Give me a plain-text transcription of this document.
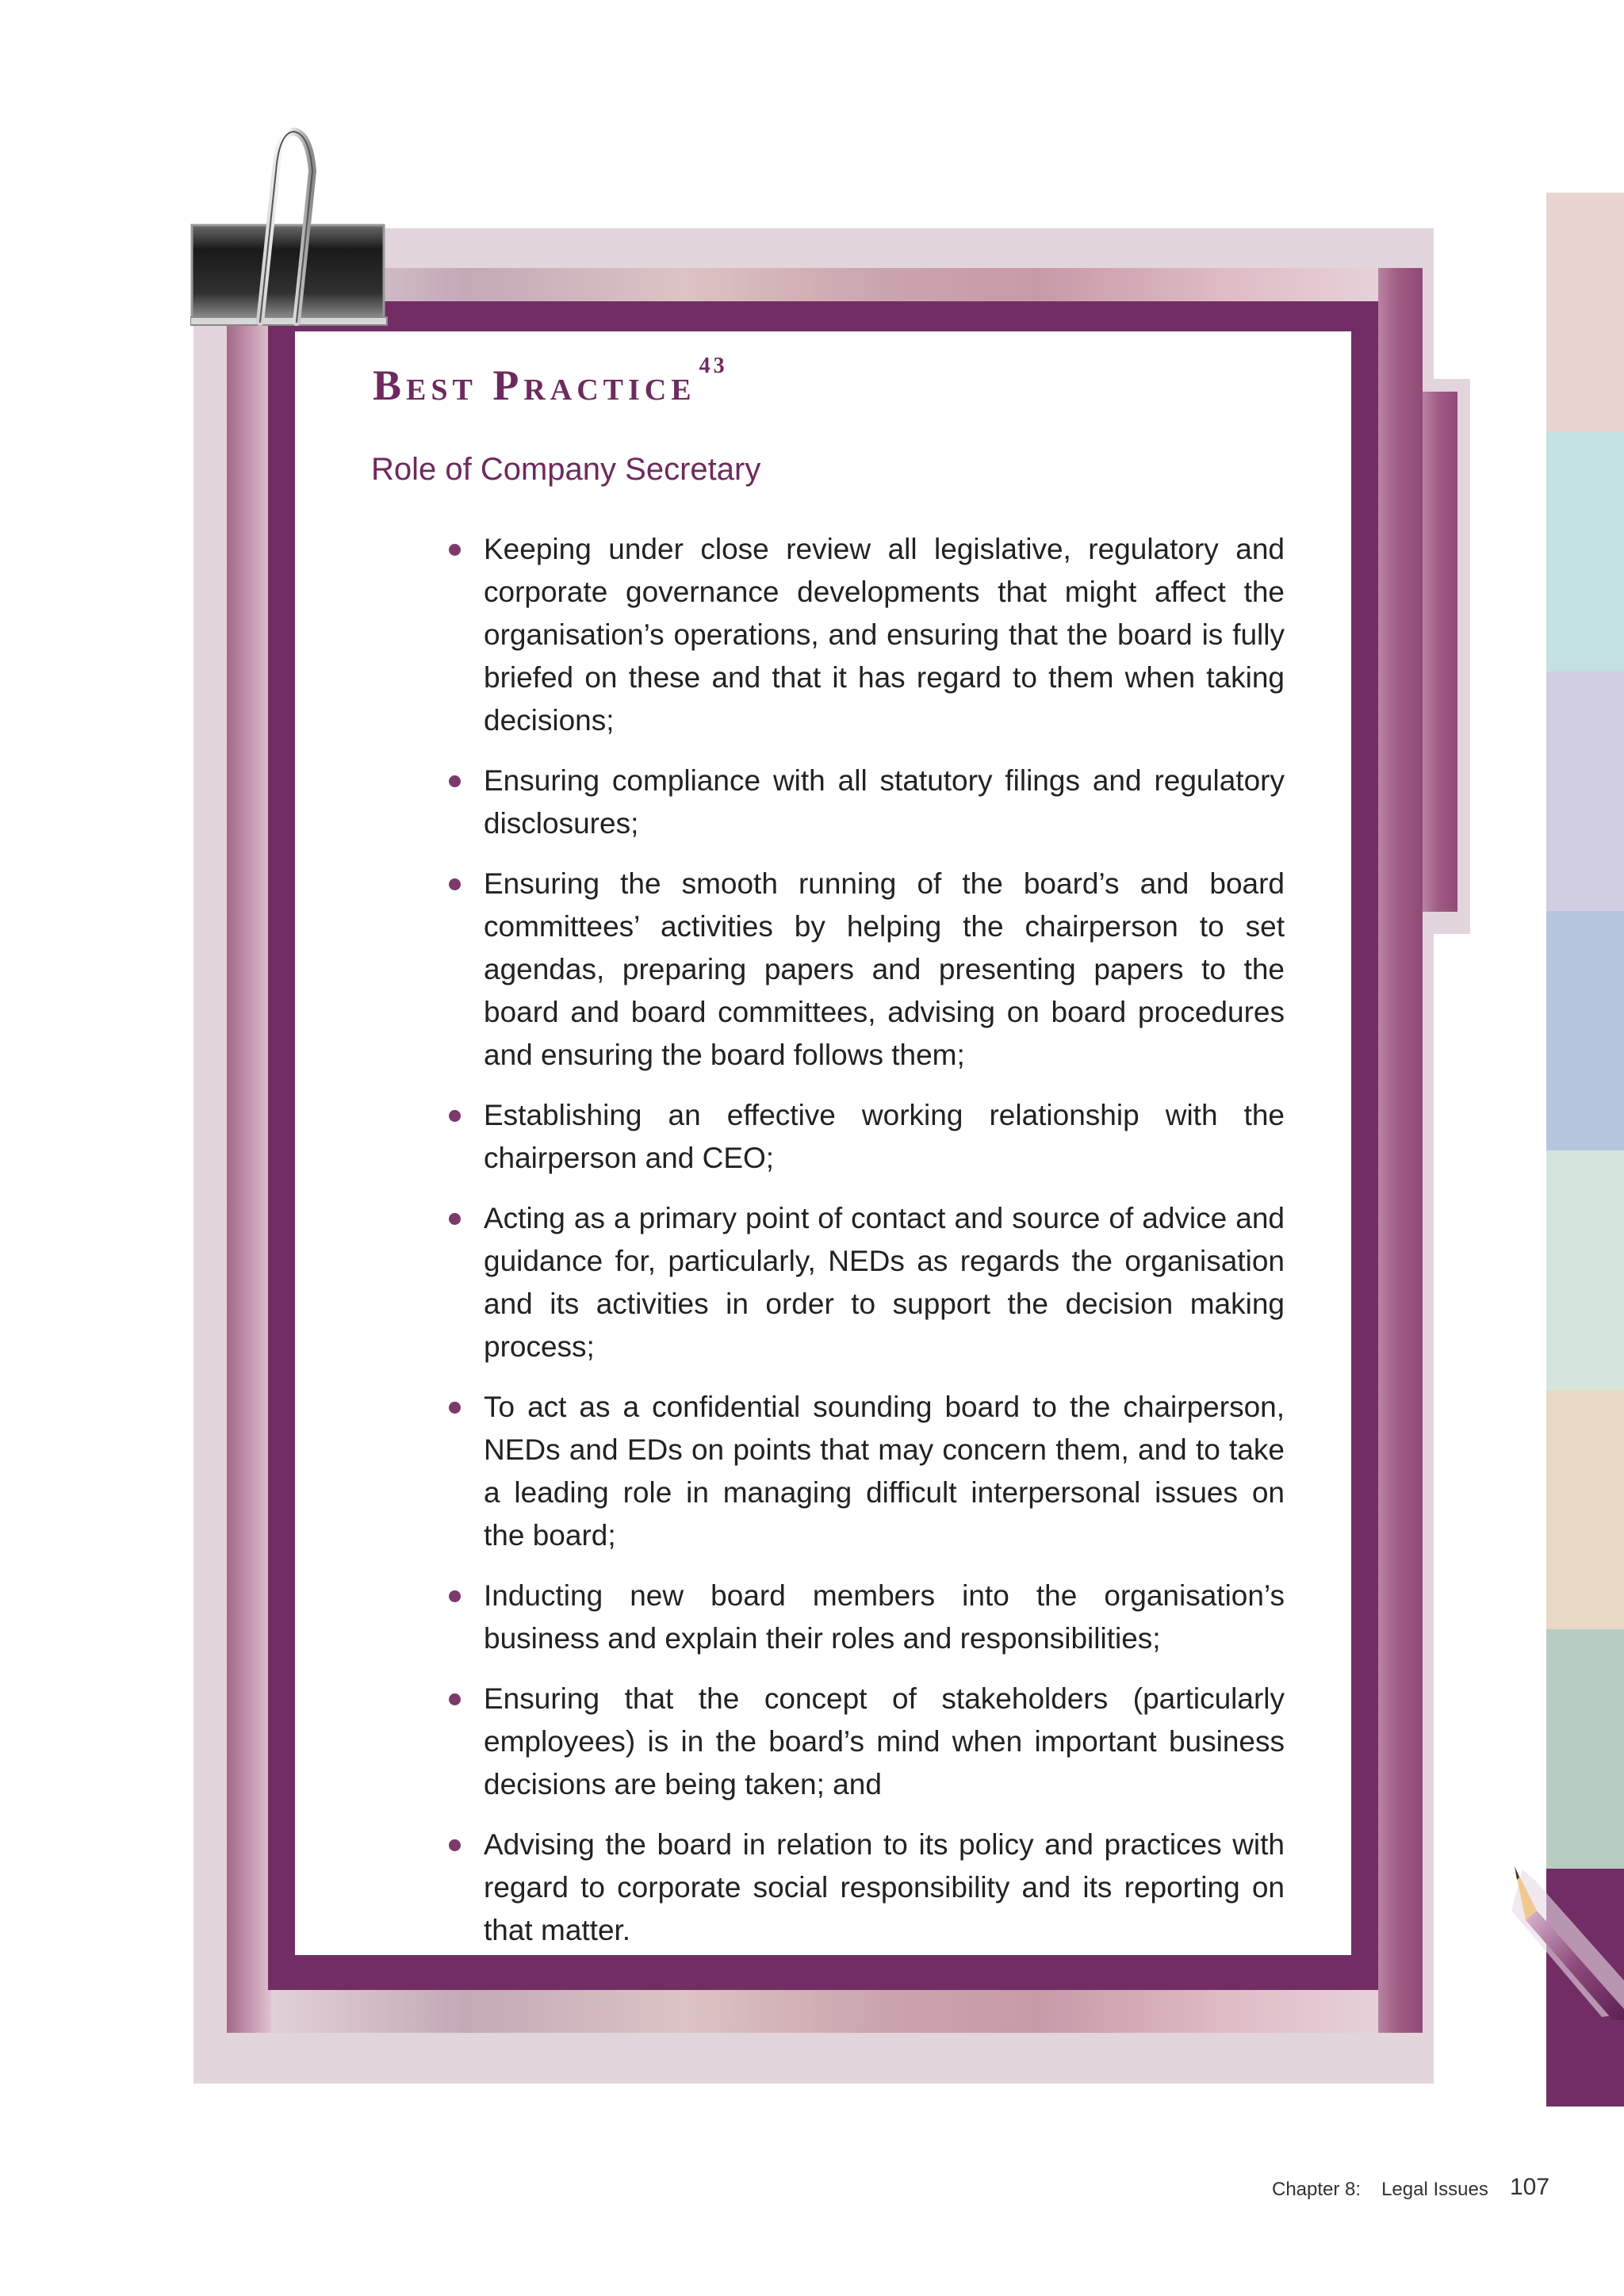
Best Practice $^{43}$
Role of Company Secretary
Keeping under close review all legislative, regulatory and corporate governance developments that might affect the organisation’s operations, and ensuring that the board is fully briefed on these and that it has regard to them when taking decisions;
Ensuring compliance with all statutory filings and regulatory disclosures;
Ensuring the smooth running of the board’s and board committees’ activities by helping the chairperson to set agendas, preparing papers and presenting papers to the board and board committees, advising on board procedures and ensuring the board follows them;
Establishing an effective working relationship with the chairperson and CEO;
Acting as a primary point of contact and source of advice and guidance for, particularly, NEDs as regards the organisation and its activities in order to support the decision making process;
To act as a confidential sounding board to the chairperson, NEDs and EDs on points that may concern them, and to take a leading role in managing difficult interpersonal issues on the board;
Inducting new board members into the organisation’s business and explain their roles and responsibilities;
Ensuring that the concept of stakeholders (particularly employees) is in the board’s mind when important business decisions are being taken; and
Advising the board in relation to its policy and practices with regard to corporate social responsibility and its reporting on that matter.
Chapter 8: Legal Issues 107
